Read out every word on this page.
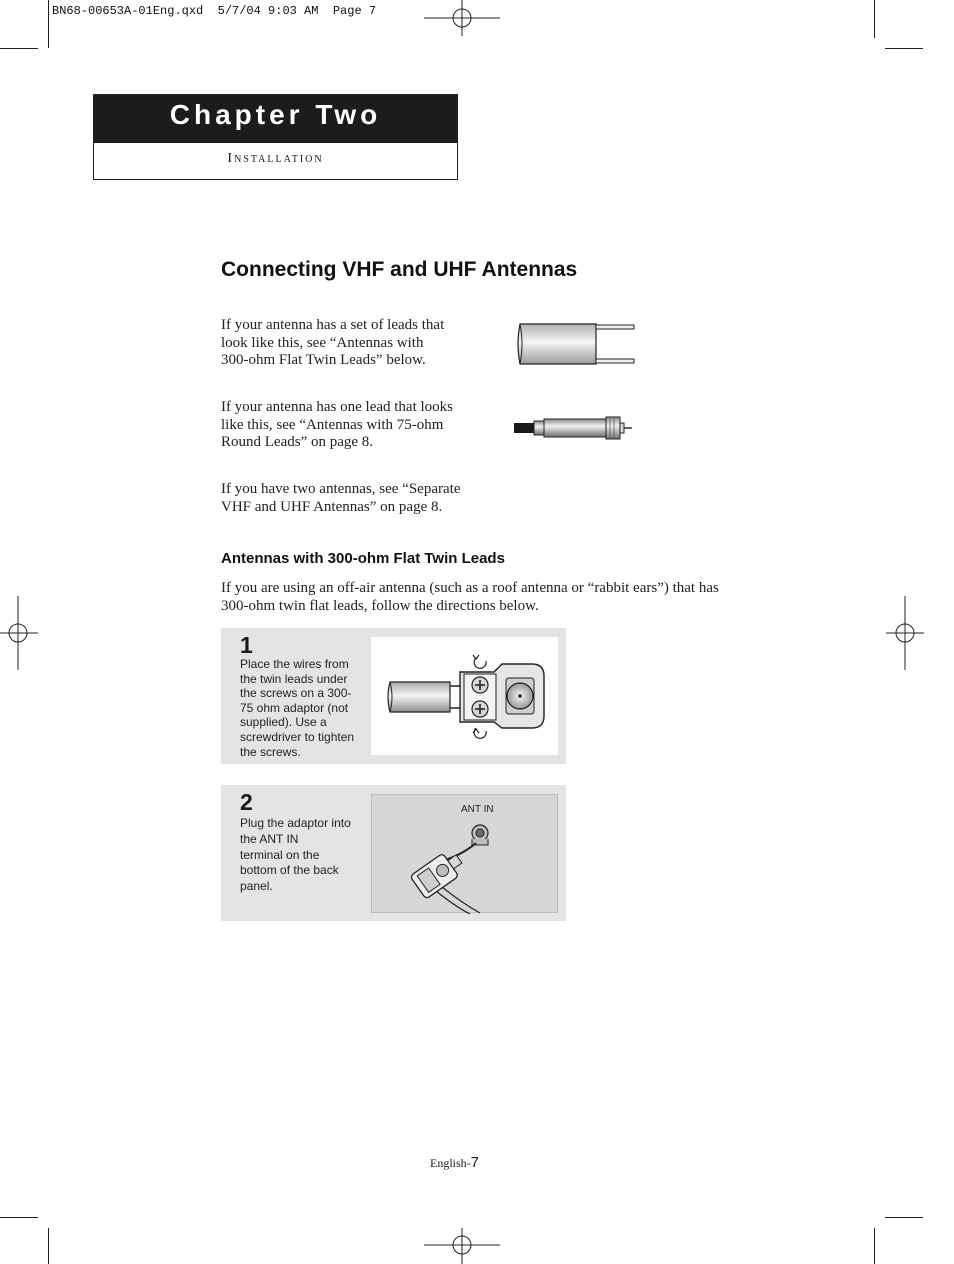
BN68-00653A-01Eng.qxd  5/7/04 9:03 AM  Page 7
Chapter Two
Installation
Connecting VHF and UHF Antennas
If your antenna has a set of leads that
look like this, see “Antennas with
300-ohm Flat Twin Leads” below.
If your antenna has one lead that looks
like this, see “Antennas with 75-ohm
Round Leads” on page 8.
If you have two antennas, see “Separate
VHF and UHF Antennas” on page 8.
Antennas with 300-ohm Flat Twin Leads
If you are using an off-air antenna (such as a roof antenna or “rabbit ears”) that has
300-ohm twin flat leads, follow the directions below.
1
Place the wires from
the twin leads under
the screws on a 300-
75 ohm adaptor (not
supplied). Use a
screwdriver to tighten
the screws.
2
Plug the adaptor into
the ANT IN
terminal on the
bottom of the back
panel.
ANT IN
English-7
